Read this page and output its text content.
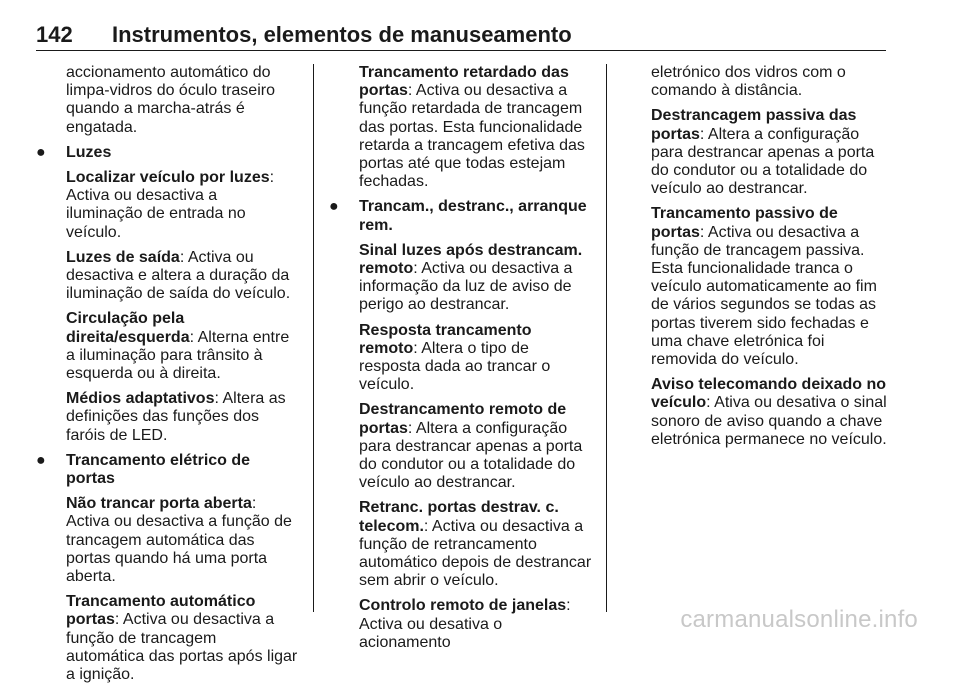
142 Instrumentos, elementos de manuseamento

accionamento automático do limpa-vidros do óculo traseiro quando a marcha-atrás é engatada.

● Luzes

Localizar veículo por luzes: Activa ou desactiva a iluminação de entrada no veículo.

Luzes de saída: Activa ou desactiva e altera a duração da iluminação de saída do veículo.

Circulação pela direita/esquerda: Alterna entre a iluminação para trânsito à esquerda ou à direita.

Médios adaptativos: Altera as definições das funções dos faróis de LED.

● Trancamento elétrico de portas

Não trancar porta aberta: Activa ou desactiva a função de trancagem automática das portas quando há uma porta aberta.

Trancamento automático portas: Activa ou desactiva a função de trancagem automática das portas após ligar a ignição.

Trancamento retardado das portas: Activa ou desactiva a função retardada de trancagem das portas. Esta funcionalidade retarda a trancagem efetiva das portas até que todas estejam fechadas.

● Trancam., destranc., arranque rem.

Sinal luzes após destrancam. remoto: Activa ou desactiva a informação da luz de aviso de perigo ao destrancar.

Resposta trancamento remoto: Altera o tipo de resposta dada ao trancar o veículo.

Destrancamento remoto de portas: Altera a configuração para destrancar apenas a porta do condutor ou a totalidade do veículo ao destrancar.

Retranc. portas destrav. c. telecom.: Activa ou desactiva a função de retrancamento automático depois de destrancar sem abrir o veículo.

Controlo remoto de janelas: Activa ou desativa o acionamento

eletrónico dos vidros com o comando à distância.

Destrancagem passiva das portas: Altera a configuração para destrancar apenas a porta do condutor ou a totalidade do veículo ao destrancar.

Trancamento passivo de portas: Activa ou desactiva a função de trancagem passiva. Esta funcionalidade tranca o veículo automaticamente ao fim de vários segundos se todas as portas tiverem sido fechadas e uma chave eletrónica foi removida do veículo.

Aviso telecomando deixado no veículo: Ativa ou desativa o sinal sonoro de aviso quando a chave eletrónica permanece no veículo.

carmanualsonline.info
